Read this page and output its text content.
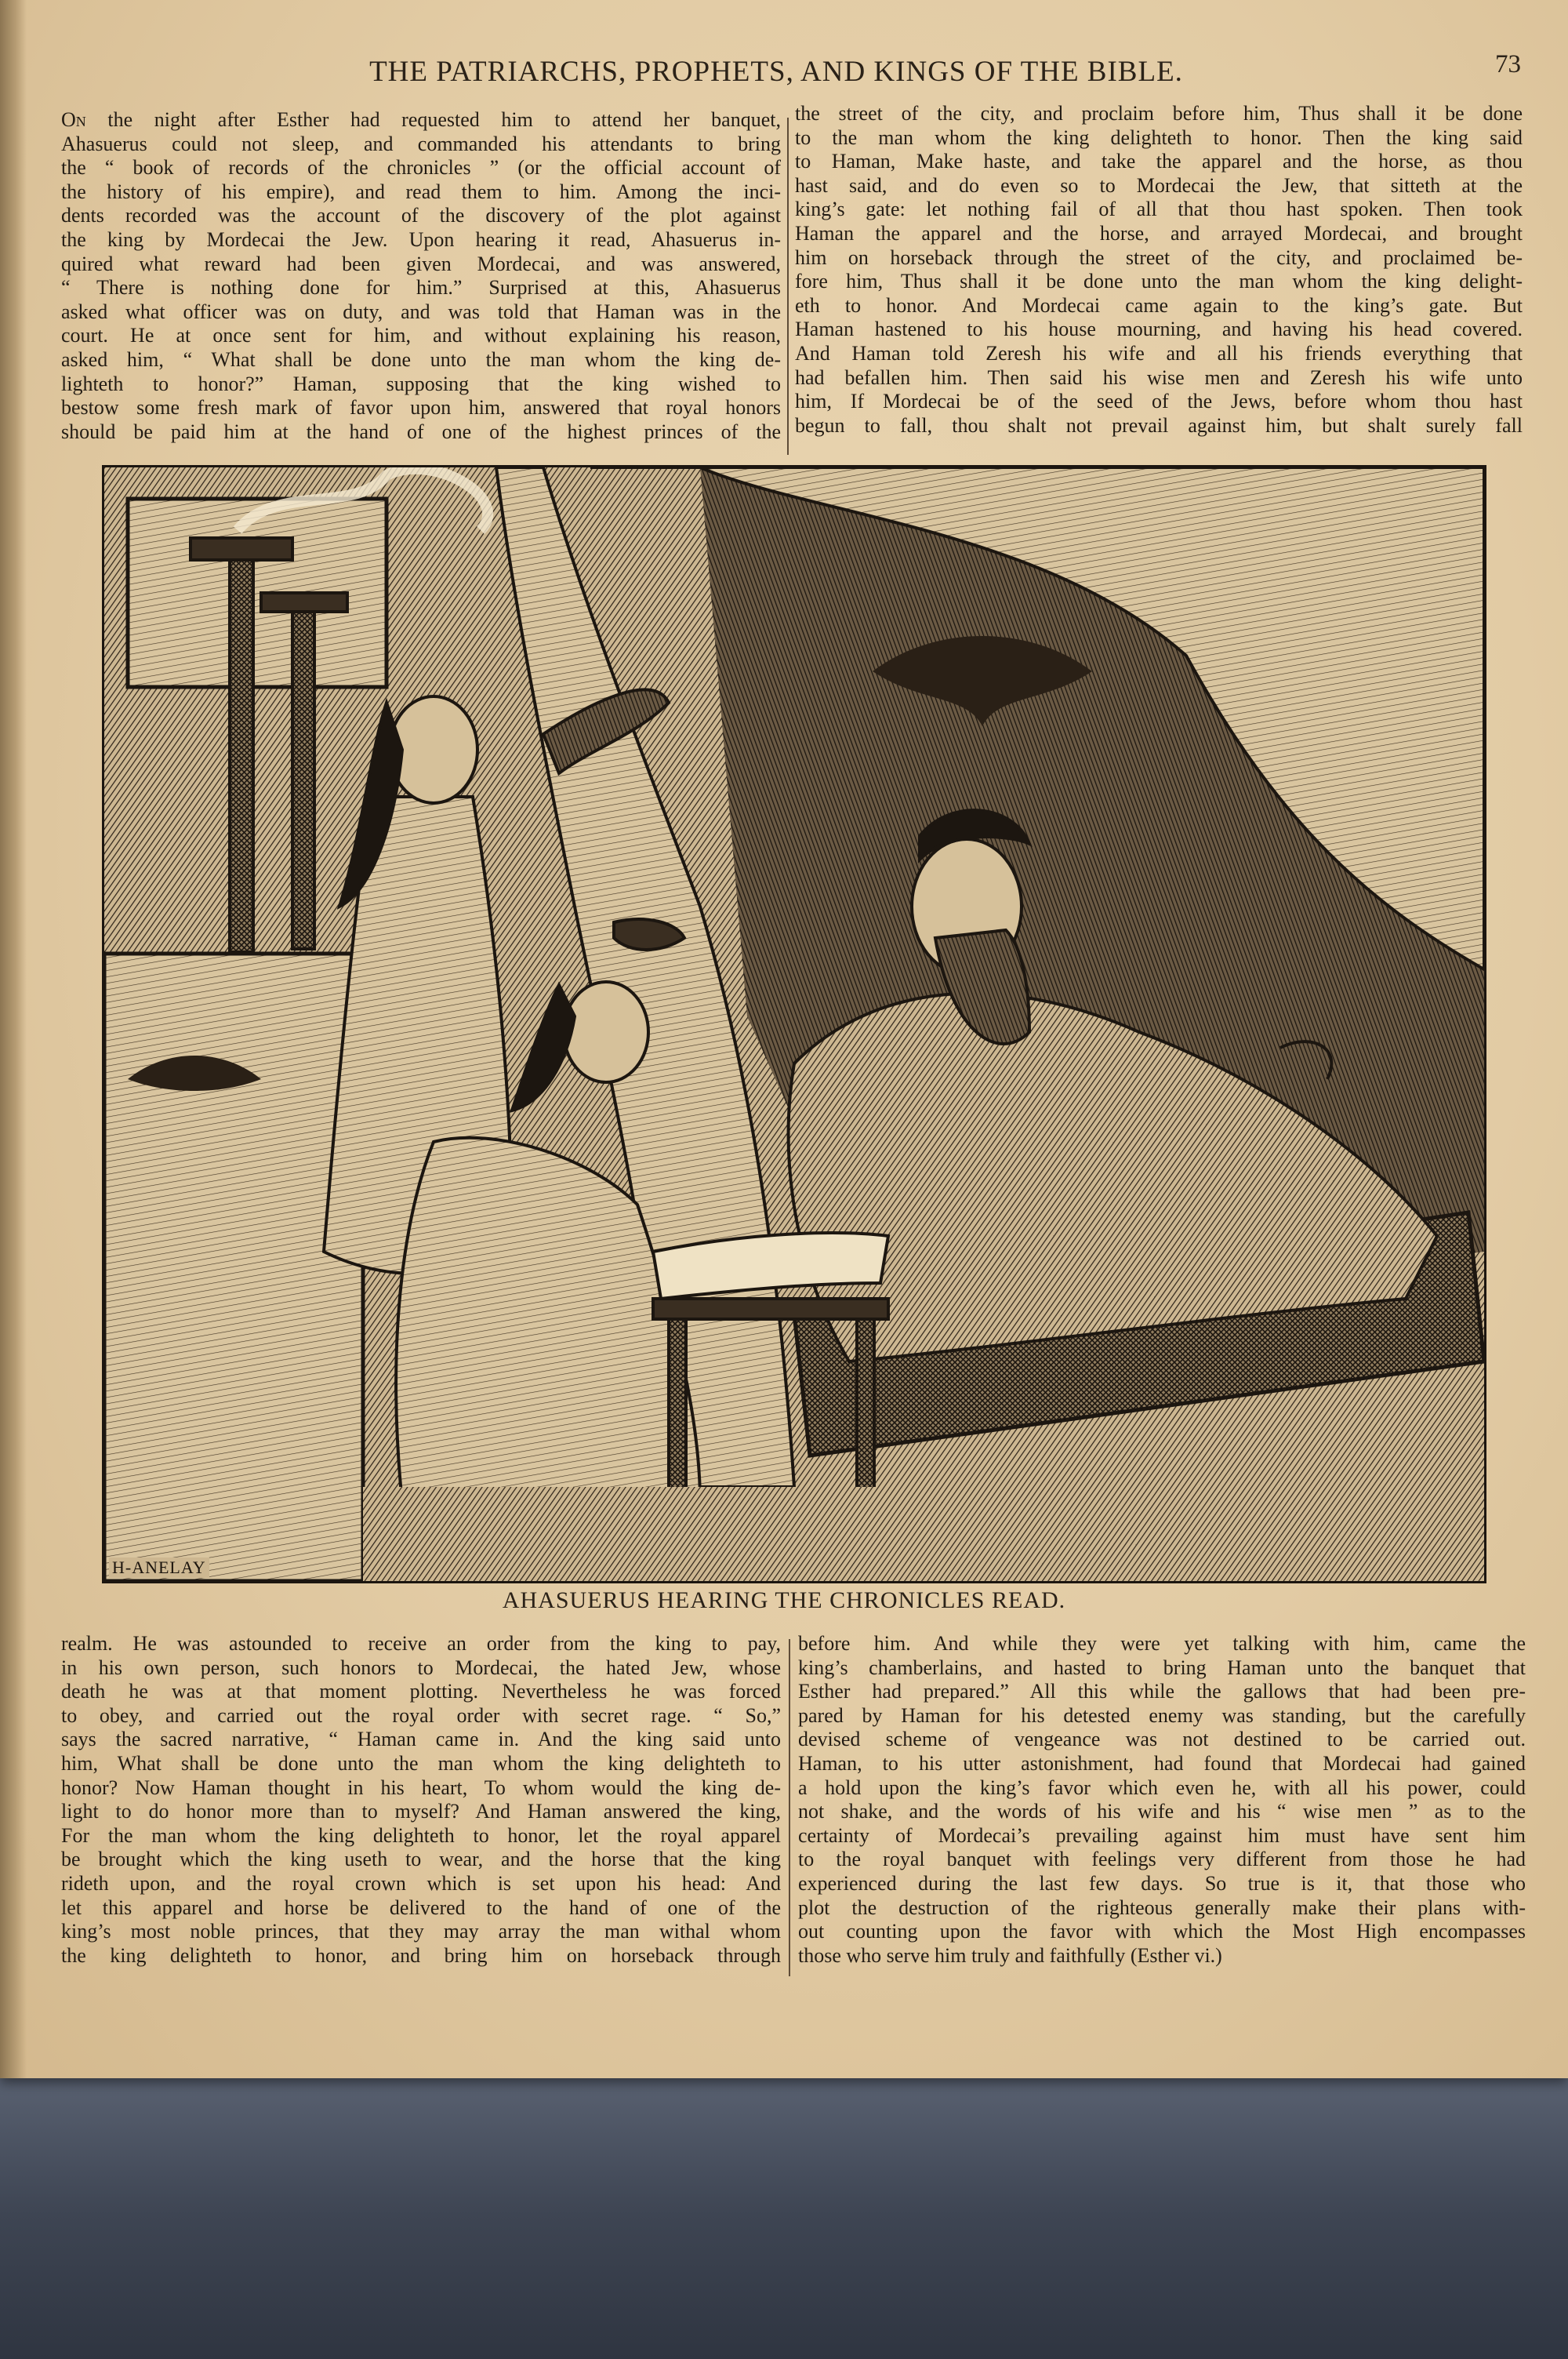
THE PATRIARCHS, PROPHETS, AND KINGS OF THE BIBLE.	73
On the night after Esther had requested him to attend her banquet,
Ahasuerus could not sleep, and commanded his attendants to bring
the “ book of records of the chronicles ” (or the official account of
the history of his empire), and read them to him. Among the inci-
dents recorded was the account of the discovery of the plot against
the king by Mordecai the Jew. Upon hearing it read, Ahasuerus in-
quired what reward had been given Mordecai, and was answered,
“ There is nothing done for him.” Surprised at this, Ahasuerus
asked what officer was on duty, and was told that Haman was in the
court. He at once sent for him, and without explaining his reason,
asked him, “ What shall be done unto the man whom the king de-
lighteth to honor?” Haman, supposing that the king wished to
bestow some fresh mark of favor upon him, answered that royal honors
should be paid him at the hand of one of the highest princes of the
the street of the city, and proclaim before him, Thus shall it be done
to the man whom the king delighteth to honor. Then the king said
to Haman, Make haste, and take the apparel and the horse, as thou
hast said, and do even so to Mordecai the Jew, that sitteth at the
king’s gate: let nothing fail of all that thou hast spoken. Then took
Haman the apparel and the horse, and arrayed Mordecai, and brought
him on horseback through the street of the city, and proclaimed be-
fore him, Thus shall it be done unto the man whom the king delight-
eth to honor. And Mordecai came again to the king’s gate. But
Haman hastened to his house mourning, and having his head covered.
And Haman told Zeresh his wife and all his friends everything that
had befallen him. Then said his wise men and Zeresh his wife unto
him, If Mordecai be of the seed of the Jews, before whom thou hast
begun to fall, thou shalt not prevail against him, but shalt surely fall
H-ANELAY
AHASUERUS HEARING THE CHRONICLES READ.
realm. He was astounded to receive an order from the king to pay,
in his own person, such honors to Mordecai, the hated Jew, whose
death he was at that moment plotting. Nevertheless he was forced
to obey, and carried out the royal order with secret rage. “ So,”
says the sacred narrative, “ Haman came in. And the king said unto
him, What shall be done unto the man whom the king delighteth to
honor? Now Haman thought in his heart, To whom would the king de-
light to do honor more than to myself? And Haman answered the king,
For the man whom the king delighteth to honor, let the royal apparel
be brought which the king useth to wear, and the horse that the king
rideth upon, and the royal crown which is set upon his head: And
let this apparel and horse be delivered to the hand of one of the
king’s most noble princes, that they may array the man withal whom
the king delighteth to honor, and bring him on horseback through
before him. And while they were yet talking with him, came the
king’s chamberlains, and hasted to bring Haman unto the banquet that
Esther had prepared.” All this while the gallows that had been pre-
pared by Haman for his detested enemy was standing, but the carefully
devised scheme of vengeance was not destined to be carried out.
Haman, to his utter astonishment, had found that Mordecai had gained
a hold upon the king’s favor which even he, with all his power, could
not shake, and the words of his wife and his “ wise men ” as to the
certainty of Mordecai’s prevailing against him must have sent him
to the royal banquet with feelings very different from those he had
experienced during the last few days. So true is it, that those who
plot the destruction of the righteous generally make their plans with-
out counting upon the favor with which the Most High encompasses
those who serve him truly and faithfully (Esther vi.)
